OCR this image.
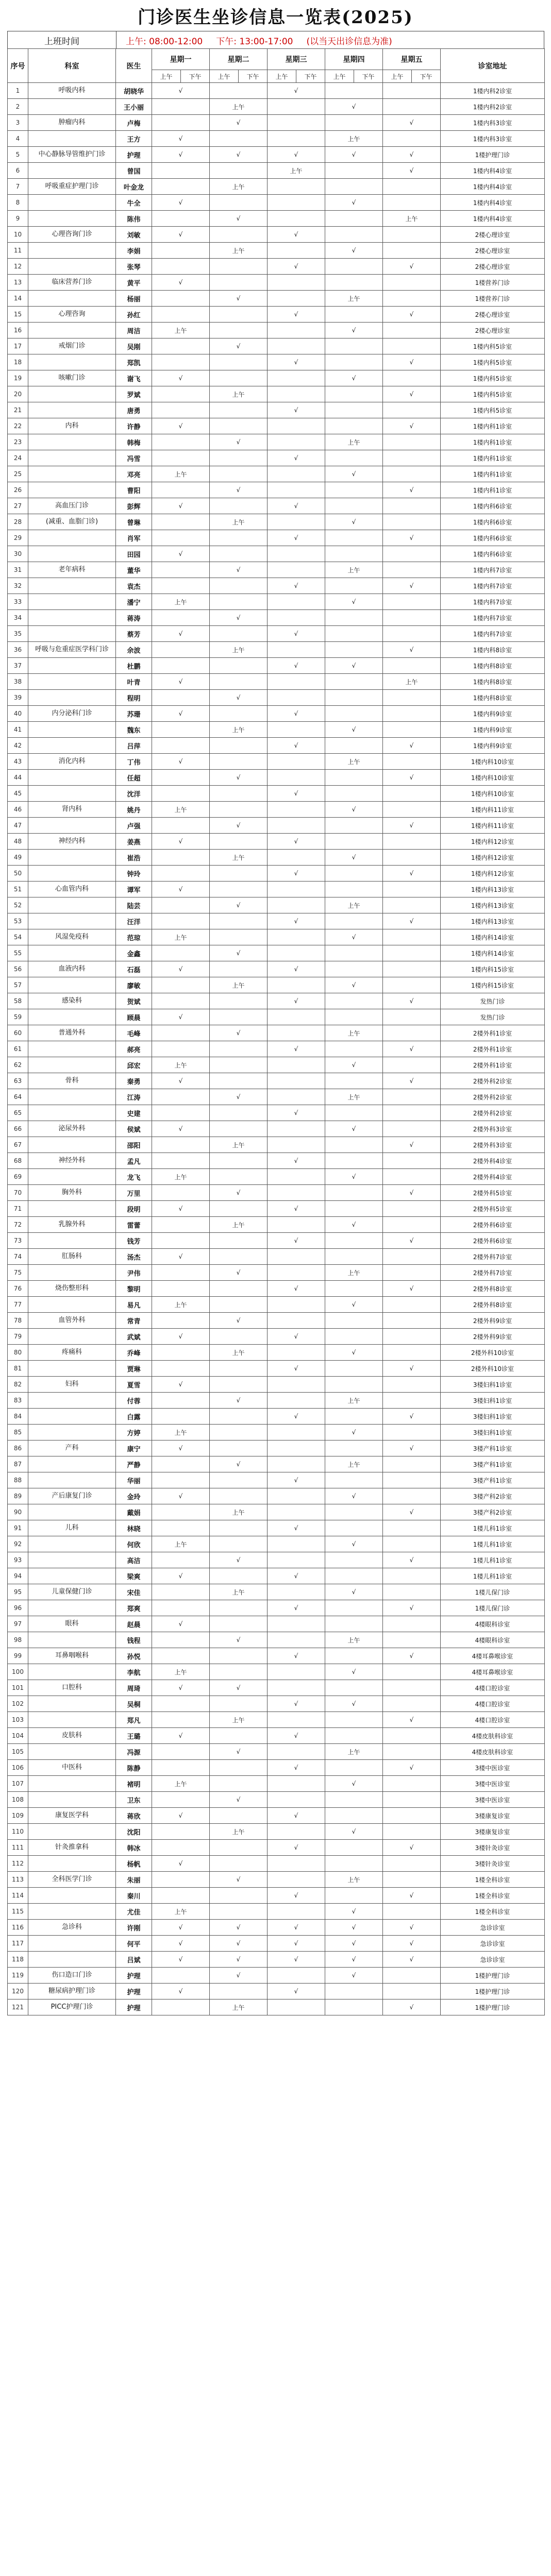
门诊医生坐诊信息一览表(2025)
上班时间	上午: 08:00-12:00 下午: 13:00-17:00 (以当天出诊信息为准)
序号	科室	医生	星期一		星期二		星期三		星期四		星期五		诊室地址
			上午	下午	上午	下午	上午	下午	上午	下午	上午	下午	
1	呼吸内科	胡晓华	√				√						1楼内科2诊室
2		王小丽			上午				√				1楼内科2诊室
3	肿瘤内科	卢梅			√						√		1楼内科3诊室
4		王方	√						上午				1楼内科3诊室
5	中心静脉导管维护门诊	护理	√		√		√		√		√		1楼护理门诊
6		曾国					上午				√		1楼内科4诊室
7	呼吸重症护理门诊	叶金龙			上午								1楼内科4诊室
8		牛全	√						√				1楼内科4诊室
9		陈伟			√						上午		1楼内科4诊室
10	心理咨询门诊	刘敏	√				√						2楼心理诊室
11		李娟			上午				√				2楼心理诊室
12		张琴					√				√		2楼心理诊室
13	临床营养门诊	黄平	√										1楼营养门诊
14		杨丽			√				上午				1楼营养门诊
15	心理咨询	孙红					√				√		2楼心理诊室
16		周洁	上午						√				2楼心理诊室
17	戒烟门诊	吴刚			√								1楼内科5诊室
18		郑凯					√				√		1楼内科5诊室
19	咳嗽门诊	谢飞	√						√				1楼内科5诊室
20		罗斌			上午						√		1楼内科5诊室
21		唐勇					√						1楼内科5诊室
22	内科	许静	√								√		1楼内科1诊室
23		韩梅			√				上午				1楼内科1诊室
24		冯雪					√						1楼内科1诊室
25		邓亮	上午						√				1楼内科1诊室
26		曹阳			√						√		1楼内科1诊室
27	高血压门诊	彭辉	√				√						1楼内科6诊室
28	(减重、血脂门诊)	曾琳			上午				√				1楼内科6诊室
29		肖军					√				√		1楼内科6诊室
30		田园	√										1楼内科6诊室
31	老年病科	董华			√				上午				1楼内科7诊室
32		袁杰					√				√		1楼内科7诊室
33		潘宁	上午						√				1楼内科7诊室
34		蒋涛			√								1楼内科7诊室
35		蔡芳	√				√						1楼内科7诊室
36	呼吸与危重症医学科门诊	余波			上午						√		1楼内科8诊室
37		杜鹏					√		√				1楼内科8诊室
38		叶青	√								上午		1楼内科8诊室
39		程明			√								1楼内科8诊室
40	内分泌科门诊	苏珊	√				√						1楼内科9诊室
41		魏东			上午				√				1楼内科9诊室
42		吕萍					√				√		1楼内科9诊室
43	消化内科	丁伟	√						上午				1楼内科10诊室
44		任超			√						√		1楼内科10诊室
45		沈洋					√						1楼内科10诊室
46	肾内科	姚丹	上午						√				1楼内科11诊室
47		卢强			√						√		1楼内科11诊室
48	神经内科	姜燕	√				√						1楼内科12诊室
49		崔浩			上午				√				1楼内科12诊室
50		钟玲					√				√		1楼内科12诊室
51	心血管内科	谭军	√										1楼内科13诊室
52		陆芸			√				上午				1楼内科13诊室
53		汪洋					√				√		1楼内科13诊室
54	风湿免疫科	范琼	上午						√				1楼内科14诊室
55		金鑫			√								1楼内科14诊室
56	血液内科	石磊	√				√						1楼内科15诊室
57		廖敏			上午				√				1楼内科15诊室
58	感染科	贺斌					√				√		发热门诊
59		顾晨	√										发热门诊
60	普通外科	毛峰			√				上午				2楼外科1诊室
61		郝亮					√				√		2楼外科1诊室
62		邱宏	上午						√				2楼外科1诊室
63	骨科	秦勇	√								√		2楼外科2诊室
64		江涛			√				上午				2楼外科2诊室
65		史建					√						2楼外科2诊室
66	泌尿外科	侯斌	√						√				2楼外科3诊室
67		邵阳			上午						√		2楼外科3诊室
68	神经外科	孟凡					√						2楼外科4诊室
69		龙飞	上午						√				2楼外科4诊室
70	胸外科	万里			√						√		2楼外科5诊室
71		段明	√				√						2楼外科5诊室
72	乳腺外科	雷蕾			上午				√				2楼外科6诊室
73		钱芳					√				√		2楼外科6诊室
74	肛肠科	汤杰	√										2楼外科7诊室
75		尹伟			√				上午				2楼外科7诊室
76	烧伤整形科	黎明					√				√		2楼外科8诊室
77		易凡	上午						√				2楼外科8诊室
78	血管外科	常青			√								2楼外科9诊室
79		武斌	√				√						2楼外科9诊室
80	疼痛科	乔峰			上午				√				2楼外科10诊室
81		贾琳					√				√		2楼外科10诊室
82	妇科	夏雪	√										3楼妇科1诊室
83		付蓉			√				上午				3楼妇科1诊室
84		白露					√				√		3楼妇科1诊室
85		方婷	上午						√				3楼妇科1诊室
86	产科	康宁	√								√		3楼产科1诊室
87		严静			√				上午				3楼产科1诊室
88		华丽					√						3楼产科1诊室
89	产后康复门诊	金玲	√						√				3楼产科2诊室
90		戴娟			上午						√		3楼产科2诊室
91	儿科	林晓					√						1楼儿科1诊室
92		何欣	上午						√				1楼儿科1诊室
93		高洁			√						√		1楼儿科1诊室
94		梁爽	√				√						1楼儿科1诊室
95	儿童保健门诊	宋佳			上午				√				1楼儿保门诊
96		郑爽					√				√		1楼儿保门诊
97	眼科	赵晨	√										4楼眼科诊室
98		钱程			√				上午				4楼眼科诊室
99	耳鼻咽喉科	孙悦					√				√		4楼耳鼻喉诊室
100		李航	上午						√				4楼耳鼻喉诊室
101	口腔科	周琦	√		√								4楼口腔诊室
102		吴桐					√		√				4楼口腔诊室
103		郑凡			上午						√		4楼口腔诊室
104	皮肤科	王璐	√				√						4楼皮肤科诊室
105		冯源			√				上午				4楼皮肤科诊室
106	中医科	陈静					√				√		3楼中医诊室
107		褚明	上午						√				3楼中医诊室
108		卫东			√								3楼中医诊室
109	康复医学科	蒋欣	√				√						3楼康复诊室
110		沈阳			上午				√				3楼康复诊室
111	针灸推拿科	韩冰					√				√		3楼针灸诊室
112		杨帆	√										3楼针灸诊室
113	全科医学门诊	朱丽			√				上午				1楼全科诊室
114		秦川					√				√		1楼全科诊室
115		尤佳	上午						√				1楼全科诊室
116	急诊科	许刚	√		√		√		√		√		急诊诊室
117		何平	√		√		√		√		√		急诊诊室
118		吕斌	√		√		√		√		√		急诊诊室
119	伤口造口门诊	护理			√				√				1楼护理门诊
120	糖尿病护理门诊	护理	√				√						1楼护理门诊
121	PICC护理门诊	护理			上午						√		1楼护理门诊
